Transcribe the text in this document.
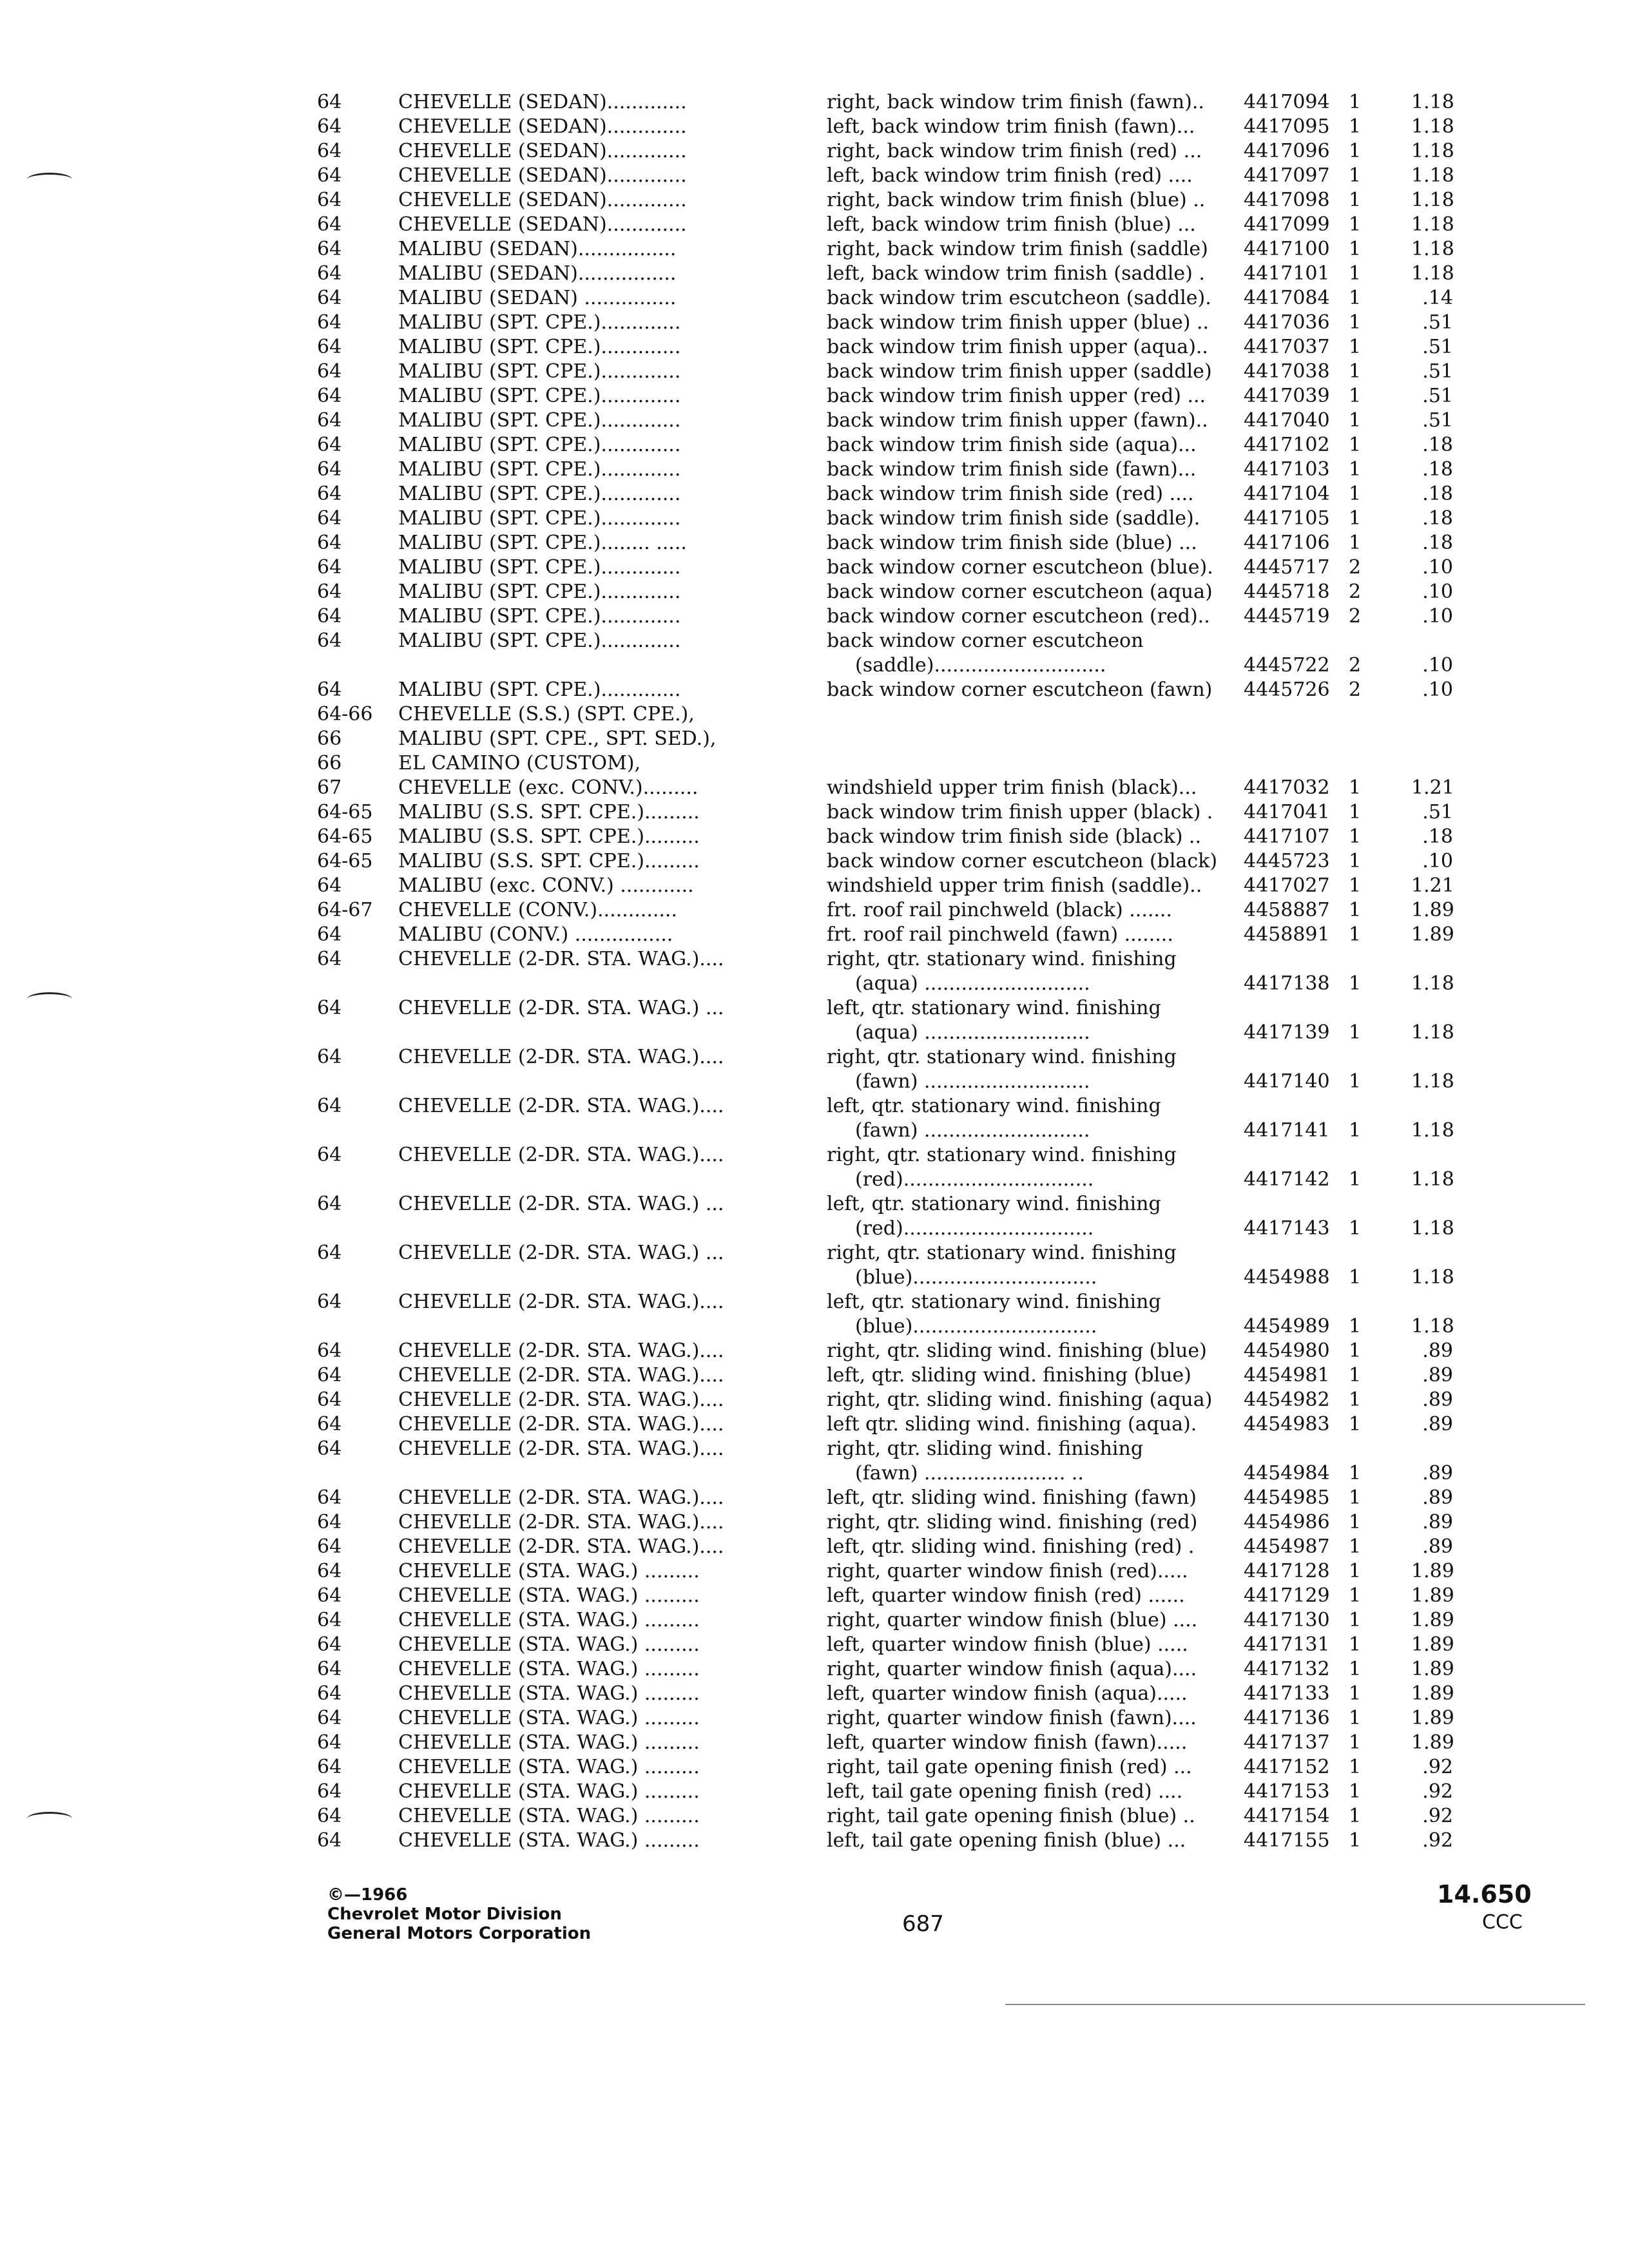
64	CHEVELLE (SEDAN).............	right, back window trim finish (fawn)..	4417094 1	1.18
64	CHEVELLE (SEDAN).............	left, back window trim finish (fawn)...	4417095 1	1.18
64	CHEVELLE (SEDAN).............	right, back window trim finish (red) ...	4417096 1	1.18
64	CHEVELLE (SEDAN).............	left, back window trim finish (red) ....	4417097 1	1.18
64	CHEVELLE (SEDAN).............	right, back window trim finish (blue) ..	4417098 1	1.18
64	CHEVELLE (SEDAN).............	left, back window trim finish (blue) ...	4417099 1	1.18
64	MALIBU (SEDAN)................	right, back window trim finish (saddle)	4417100 1	1.18
64	MALIBU (SEDAN)................	left, back window trim finish (saddle) .	4417101 1	1.18
64	MALIBU (SEDAN) ...............	back window trim escutcheon (saddle).	4417084 1	.14
64	MALIBU (SPT. CPE.).............	back window trim finish upper (blue) ..	4417036 1	.51
64	MALIBU (SPT. CPE.).............	back window trim finish upper (aqua)..	4417037 1	.51
64	MALIBU (SPT. CPE.).............	back window trim finish upper (saddle)	4417038 1	.51
64	MALIBU (SPT. CPE.).............	back window trim finish upper (red) ...	4417039 1	.51
64	MALIBU (SPT. CPE.).............	back window trim finish upper (fawn)..	4417040 1	.51
64	MALIBU (SPT. CPE.).............	back window trim finish side (aqua)...	4417102 1	.18
64	MALIBU (SPT. CPE.).............	back window trim finish side (fawn)...	4417103 1	.18
64	MALIBU (SPT. CPE.).............	back window trim finish side (red) ....	4417104 1	.18
64	MALIBU (SPT. CPE.).............	back window trim finish side (saddle).	4417105 1	.18
64	MALIBU (SPT. CPE.)........ .....	back window trim finish side (blue) ...	4417106 1	.18
64	MALIBU (SPT. CPE.).............	back window corner escutcheon (blue).	4445717 2	.10
64	MALIBU (SPT. CPE.).............	back window corner escutcheon (aqua)	4445718 2	.10
64	MALIBU (SPT. CPE.).............	back window corner escutcheon (red)..	4445719 2	.10
64	MALIBU (SPT. CPE.).............	back window corner escutcheon
(saddle)............................	4445722 2	.10
64	MALIBU (SPT. CPE.).............	back window corner escutcheon (fawn)	4445726 2	.10
64-66 CHEVELLE (S.S.) (SPT. CPE.),
66	MALIBU (SPT. CPE., SPT. SED.),
66	EL CAMINO (CUSTOM),
67	CHEVELLE (exc. CONV.).........	windshield upper trim finish (black)...	4417032 1	1.21
64-65 MALIBU (S.S. SPT. CPE.).........	back window trim finish upper (black) .	4417041 1	.51
64-65 MALIBU (S.S. SPT. CPE.).........	back window trim finish side (black) ..	4417107 1	.18
64-65 MALIBU (S.S. SPT. CPE.).........	back window corner escutcheon (black)	4445723 1	.10
64	MALIBU (exc. CONV.) ............	windshield upper trim finish (saddle)..	4417027 1	1.21
64-67 CHEVELLE (CONV.).............	frt. roof rail pinchweld (black) .......	4458887 1	1.89
64	MALIBU (CONV.) ................	frt. roof rail pinchweld (fawn) ........	4458891 1	1.89
64	CHEVELLE (2-DR. STA. WAG.)....	right, qtr. stationary wind. finishing
(aqua) ...........................	4417138 1	1.18
64	CHEVELLE (2-DR. STA. WAG.) ...	left, qtr. stationary wind. finishing
(aqua) ...........................	4417139 1	1.18
64	CHEVELLE (2-DR. STA. WAG.)....	right, qtr. stationary wind. finishing
(fawn) ...........................	4417140 1	1.18
64	CHEVELLE (2-DR. STA. WAG.)....	left, qtr. stationary wind. finishing
(fawn) ...........................	4417141 1	1.18
64	CHEVELLE (2-DR. STA. WAG.)....	right, qtr. stationary wind. finishing
(red)...............................	4417142 1	1.18
64	CHEVELLE (2-DR. STA. WAG.) ...	left, qtr. stationary wind. finishing
(red)...............................	4417143 1	1.18
64	CHEVELLE (2-DR. STA. WAG.) ...	right, qtr. stationary wind. finishing
(blue)..............................	4454988 1	1.18
64	CHEVELLE (2-DR. STA. WAG.)....	left, qtr. stationary wind. finishing
(blue)..............................	4454989 1	1.18
64	CHEVELLE (2-DR. STA. WAG.)....	right, qtr. sliding wind. finishing (blue)	4454980 1	.89
64	CHEVELLE (2-DR. STA. WAG.)....	left, qtr. sliding wind. finishing (blue)	4454981 1	.89
64	CHEVELLE (2-DR. STA. WAG.)....	right, qtr. sliding wind. finishing (aqua)	4454982 1	.89
64	CHEVELLE (2-DR. STA. WAG.)....	left qtr. sliding wind. finishing (aqua).	4454983 1	.89
64	CHEVELLE (2-DR. STA. WAG.)....	right, qtr. sliding wind. finishing
(fawn) ....................... ..	4454984 1	.89
64	CHEVELLE (2-DR. STA. WAG.)....	left, qtr. sliding wind. finishing (fawn)	4454985 1	.89
64	CHEVELLE (2-DR. STA. WAG.)....	right, qtr. sliding wind. finishing (red)	4454986 1	.89
64	CHEVELLE (2-DR. STA. WAG.)....	left, qtr. sliding wind. finishing (red) .	4454987 1	.89
64	CHEVELLE (STA. WAG.) .........	right, quarter window finish (red).....	4417128 1	1.89
64	CHEVELLE (STA. WAG.) .........	left, quarter window finish (red) ......	4417129 1	1.89
64	CHEVELLE (STA. WAG.) .........	right, quarter window finish (blue) ....	4417130 1	1.89
64	CHEVELLE (STA. WAG.) .........	left, quarter window finish (blue) .....	4417131 1	1.89
64	CHEVELLE (STA. WAG.) .........	right, quarter window finish (aqua)....	4417132 1	1.89
64	CHEVELLE (STA. WAG.) .........	left, quarter window finish (aqua).....	4417133 1	1.89
64	CHEVELLE (STA. WAG.) .........	right, quarter window finish (fawn)....	4417136 1	1.89
64	CHEVELLE (STA. WAG.) .........	left, quarter window finish (fawn).....	4417137 1	1.89
64	CHEVELLE (STA. WAG.) .........	right, tail gate opening finish (red) ...	4417152 1	.92
64	CHEVELLE (STA. WAG.) .........	left, tail gate opening finish (red) ....	4417153 1	.92
64	CHEVELLE (STA. WAG.) .........	right, tail gate opening finish (blue) ..	4417154 1	.92
64	CHEVELLE (STA. WAG.) .........	left, tail gate opening finish (blue) ...	4417155 1	.92
©—1966
Chevrolet Motor Division
General Motors Corporation	687
14.650
CCC
